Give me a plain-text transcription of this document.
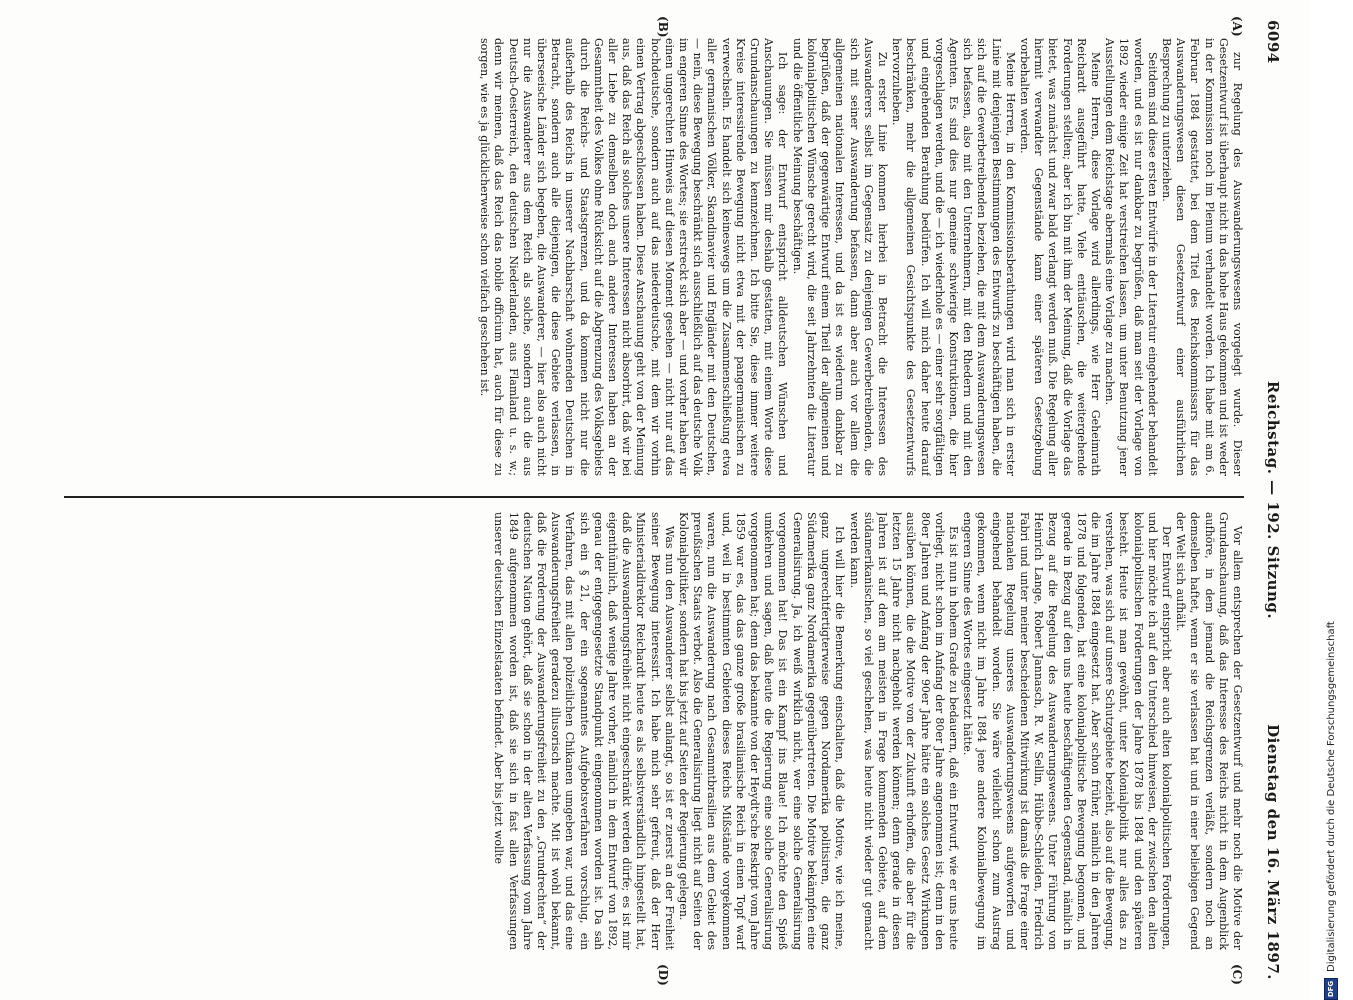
6094
Reichstag. — 192. Sitzung.
Dienstag den 16. März 1897.
(A)
(B)
(C)
(D)

zur Regelung des Auswanderungswesens vorgelegt wurde. Dieser Gesetzentwurf ist überhaupt nicht in das hohe Haus gekommen und ist weder in der Kommission noch im Plenum verhandelt worden. Ich habe mit am 6. Februar 1884 gestattet, bei dem Titel des Reichskommissars für das Auswanderungswesen diesen Gesetzentwurf einer ausführlichen Besprechung zu unterziehen.

Seitdem sind diese ersten Entwürfe in der Literatur eingehender behandelt worden, und es ist nur dankbar zu begrüßen, daß man seit der Vorlage von 1892 wieder einige Zeit hat verstreichen lassen, um unter Benutzung jener Ausstellungen dem Reichstage abermals eine Vorlage zu machen.

Meine Herren, diese Vorlage wird allerdings, wie Herr Geheimrath Reichardt ausgeführt hatte, Viele enttäuschen, die weitergehende Forderungen stellten; aber ich bin mit ihm der Meinung, daß die Vorlage das bietet, was zunächst und zwar bald verlangt werden muß. Die Regelung aller hiermit verwandter Gegenstände kann einer späteren Gesetzgebung vorbehalten werden.

Meine Herren, in den Kommissionsberathungen wird man sich in erster Linie mit denjenigen Bestimmungen des Entwurfs zu beschäftigen haben, die sich auf die Gewerbetreibenden beziehen, die mit dem Auswanderungswesen sich befassen, also mit den Unternehmern, mit den Rhedern und mit den Agenten. Es sind dies nur gemeine schwierige Konstruktionen, die hier vorgeschlagen werden, und die — ich wiederhole es — einer sehr sorgfältigen und eingehenden Berathung bedürfen. Ich will mich daher heute darauf beschränken, mehr die allgemeinen Gesichtspunkte des Gesetzentwurfs hervorzuheben.

Zu erster Linie kommen hierbei in Betracht die Interessen des Auswanderers selbst im Gegensatz zu denjenigen Gewerbetreibenden, die sich mit seiner Auswanderung befassen, dann aber auch vor allem die allgemeinen nationalen Interessen, und da ist es wiederum dankbar zu begrüßen, daß der gegenwärtige Entwurf einem Theil der allgemeinen und kolonialpolitischen Wünsche gerecht wird, die seit Jahrzehnten die Literatur und die öffentliche Meinung beschäftigen.

Ich sage: der Entwurf entspricht alldeutschen Wünschen und Anschauungen. Sie müssen mir deshalb gestatten, mit einem Worte diese Grundanschauungen zu kennzeichnen. Ich bitte Sie, diese immer weitere Kreise interessirende Bewegung nicht etwa mit der pangermanischen zu verwechseln. Es handelt sich keineswegs um die Zusammenschließung etwa aller germanischen Völker, Skandinavier und Engländer mit den Deutschen, — nein, diese Bewegung beschränkt sich ausschließlich auf das deutsche Volk im engeren Sinne des Wortes; sie erstreckt sich aber — und vorher haben wir einen ungerechten Hinweis auf diesen Moment gesehen — nicht nur auf das hochdeutsche, sondern auch auf das niederdeutsche, mit dem wir vorhin einen Vertrag abgeschlossen haben. Diese Anschauung geht von der Meinung aus, daß das Reich als solches unsere Interessen nicht absorbirt, daß wir bei aller Liebe zu demselben doch auch andere Interessen haben an der Gesammtheit des Volkes ohne Rücksicht auf die Abgrenzung des Volksgebiets durch die Reichs- und Staatsgrenzen, und da kommen nicht nur die außerhalb des Reichs in unserer Nachbarschaft wohnenden Deutschen in Betracht, sondern auch alle diejenigen, die diese Gebiete verlassen, in überseeische Länder sich begeben, die Auswanderer, — hier also auch nicht nur die Auswanderer aus dem Reich als solche, sondern auch die aus Deutsch-Oesterreich, den deutschen Niederlanden, aus Flamland u. s. w.; denn wir meinen, daß das Reich das nobile officium hat, auch für diese zu sorgen, wie es ja glücklicherweise schon vielfach geschehen ist.

Vor allem entsprechen der Gesetzentwurf und mehr noch die Motive der Grundanschauung, daß das Interesse des Reichs nicht in dem Augenblick aufhöre, in dem jemand die Reichsgrenzen verläßt, sondern noch an demselben haftet, wenn er sie verlassen hat und in einer beliebigen Gegend der Welt sich aufhält.

Der Entwurf entspricht aber auch alten kolonialpolitischen Forderungen, und hier möchte ich auf den Unterschied hinweisen, der zwischen den alten kolonialpolitischen Forderungen der Jahre 1878 bis 1884 und den späteren besteht. Heute ist man gewöhnt, unter Kolonialpolitik nur alles das zu verstehen, was sich auf unsere Schutzgebiete bezieht, also auf die Bewegung, die im Jahre 1884 eingesetzt hat. Aber schon früher, nämlich in den Jahren 1878 und folgenden, hat eine kolonialpolitische Bewegung begonnen, und gerade in Bezug auf den uns heute beschäftigenden Gegenstand, nämlich in Bezug auf die Regelung des Auswanderungswesens. Unter Führung von Heinrich Lange, Robert Jannasch, R. W. Sellin, Hübbe-Schleiden, Friedrich Fabri und unter meiner bescheidenen Mitwirkung ist damals die Frage einer nationalen Regelung unseres Auswanderungswesens aufgeworfen und eingehend behandelt worden. Sie wäre vielleicht schon zum Austrag gekommen, wenn nicht im Jahre 1884 jene andere Kolonialbewegung im engeren Sinne des Wortes eingesetzt hätte.

Es ist nun in hohem Grade zu bedauern, daß ein Entwurf, wie er uns heute vorliegt, nicht schon im Anfang der 80er Jahre angenommen ist; denn in den 80er Jahren und Anfang der 90er Jahre hätte ein solches Gesetz Wirkungen ausüben können, die die Motive von der Zukunft erhoffen, die aber für die letzten 15 Jahre nicht nachgeholt werden können; denn gerade in diesen Jahren ist auf dem am meisten in Frage kommenden Gebiete, auf dem südamerikanischen, so viel geschehen, was heute nicht wieder gut gemacht werden kann.

Ich will hier die Bemerkung einschalten, daß die Motive, wie ich meine, ganz ungerechtfertigterweise gegen Nordamerika politisiren, die ganz Südamerika ganz Nordamerika gegenübertreten. Die Motive bekämpfen eine Generalisirung. Ja, ich weiß wirklich nicht, wer eine solche Generalisirung vorgenommen hat! Das ist ein Kampf ins Blaue! Ich möchte den Spieß umkehren und sagen, daß heute die Regierung eine solche Generalisirung vorgenommen hat; denn das bekannte von der Heydt'sche Reskript vom Jahre 1859 war es, das das ganze große brasilianische Reich in einen Topf warf und, weil in bestimmten Gebieten dieses Reichs Mißstände vorgekommen waren, nun die Auswanderung nach Gesammtbrasilien aus dem Gebiet des preußischen Staats verbot. Also die Generalisirung liegt nicht auf Seiten der Kolonialpolitiker, sondern hat bis jetzt auf Seiten der Regierung gelegen.

Was nun den Auswanderer selbst anlangt, so ist er zuerst an der Freiheit seiner Bewegung interessirt. Ich habe mich sehr gefreut, daß der Herr Ministerialdirektor Reichardt heute es als selbstverständlich hingestellt hat, daß die Auswanderungsfreiheit nicht eingeschränkt werden dürfe; es ist mir eigenthümlich, daß wenige Jahre vorher, nämlich in dem Entwurf von 1892, genau der entgegengesetzte Standpunkt eingenommen worden ist. Da sah sich ein § 21, der ein sogenanntes Aufgebotsverfahren vorschlug, ein Verfahren, das mit allen polizeilichen Chikanen umgeben war, und das eine Auswanderungsfreiheit geradezu illusorisch machte. Mit ist wohl bekannt, daß die Forderung der Auswanderungsfreiheit zu den „Grundrechten“ der deutschen Nation gehört, daß sie schon in der alten Verfassung vom Jahre 1849 aufgenommen worden ist, daß sie sich in fast allen Verfassungen unserer deutschen Einzelstaaten befindet. Aber bis jetzt wollte

DFG
Digitalisierung gefördert durch die Deutsche Forschungsgemeinschaft
